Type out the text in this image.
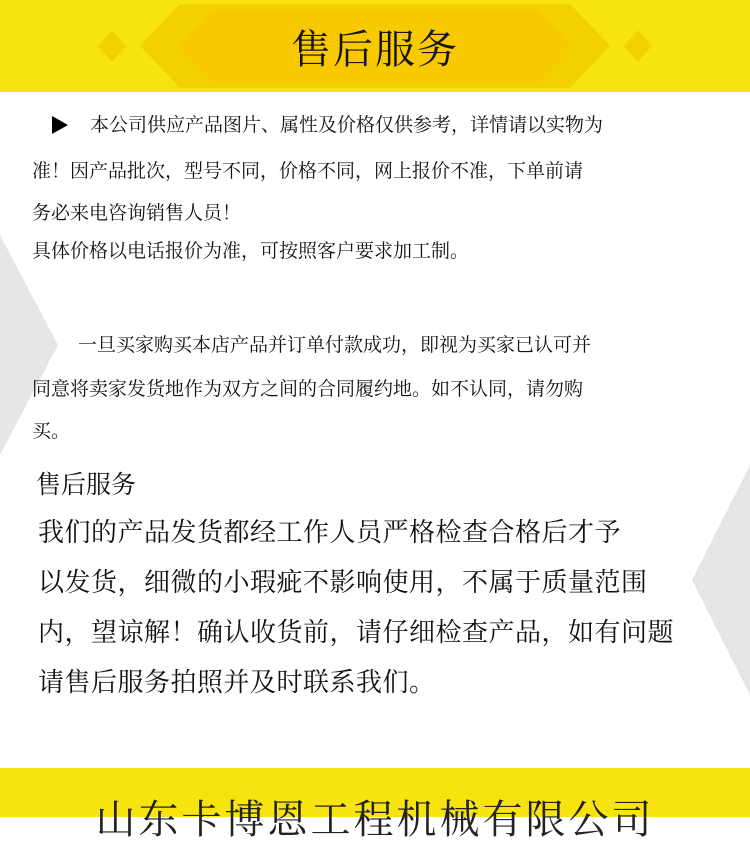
售后服务
本公司供应产品图片、属性及价格仅供参考，详情请以实物为
准！因产品批次，型号不同，价格不同，网上报价不准，下单前请
务必来电咨询销售人员！
具体价格以电话报价为准，可按照客户要求加工制。
一旦买家购买本店产品并订单付款成功，即视为买家已认可并
同意将卖家发货地作为双方之间的合同履约地。如不认同，请勿购
买。
售后服务
我们的产品发货都经工作人员严格检查合格后才予
以发货，细微的小瑕疵不影响使用，不属于质量范围
内，望谅解！确认收货前，请仔细检查产品，如有问题
请售后服务拍照并及时联系我们。
山东卡博恩工程机械有限公司
